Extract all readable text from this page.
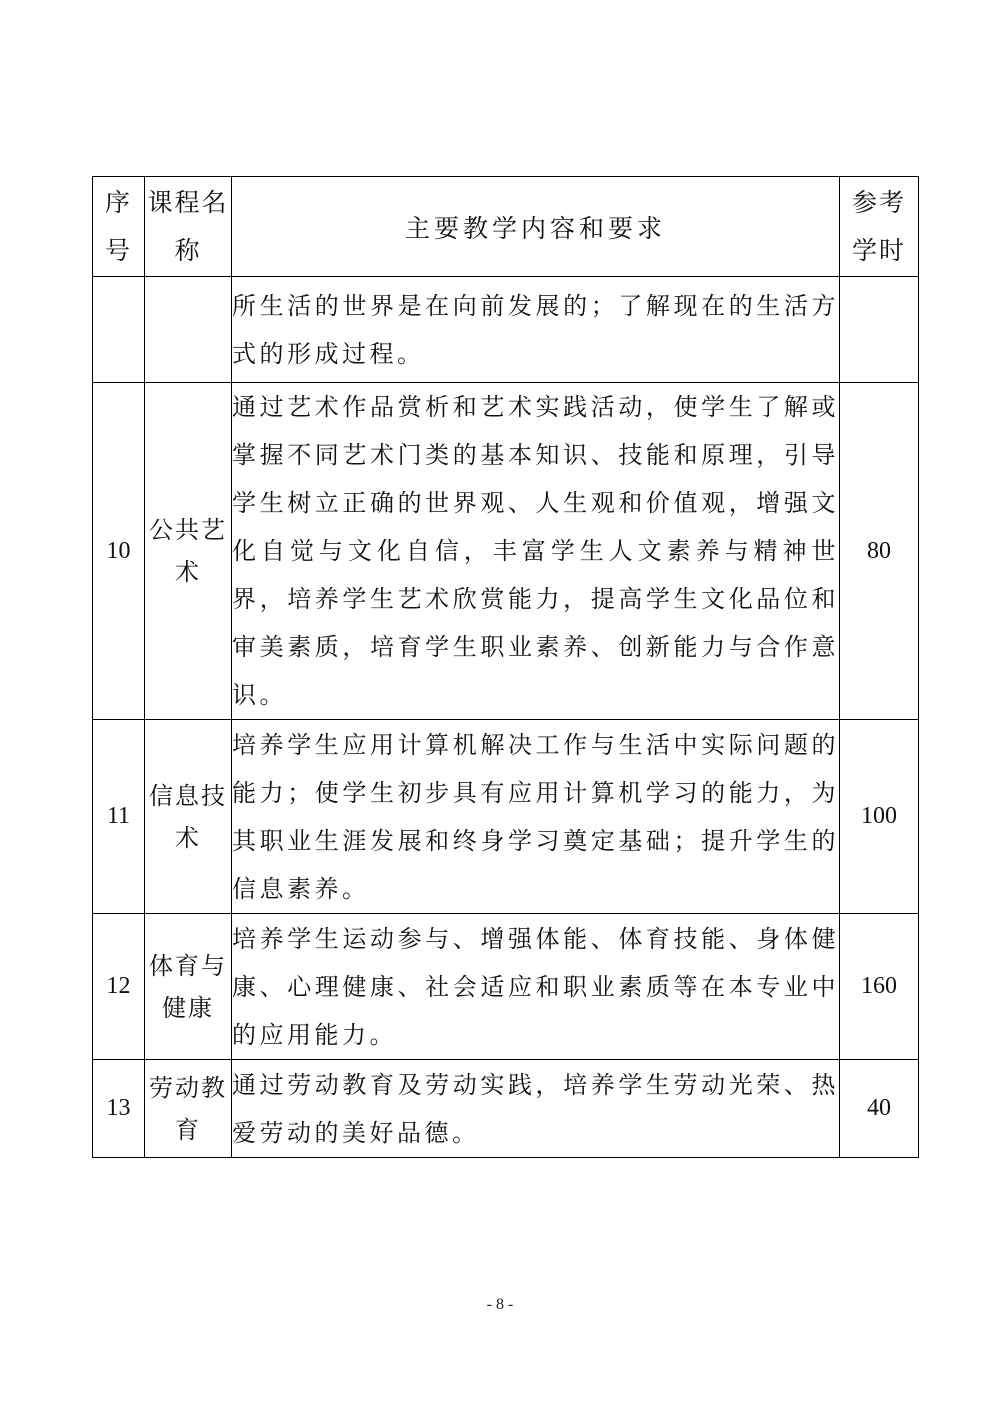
序号	课程名称	主要教学内容和要求	参考学时
		所生活的世界是在向前发展的；了解现在的生活方式的形成过程。	
10	公共艺术	通过艺术作品赏析和艺术实践活动，使学生了解或掌握不同艺术门类的基本知识、技能和原理，引导学生树立正确的世界观、人生观和价值观，增强文化自觉与文化自信，丰富学生人文素养与精神世界，培养学生艺术欣赏能力，提高学生文化品位和审美素质，培育学生职业素养、创新能力与合作意识。	80
11	信息技术	培养学生应用计算机解决工作与生活中实际问题的能力；使学生初步具有应用计算机学习的能力，为其职业生涯发展和终身学习奠定基础；提升学生的信息素养。	100
12	体育与健康	培养学生运动参与、增强体能、体育技能、身体健康、心理健康、社会适应和职业素质等在本专业中的应用能力。	160
13	劳动教育	通过劳动教育及劳动实践，培养学生劳动光荣、热爱劳动的美好品德。	40
- 8 -
